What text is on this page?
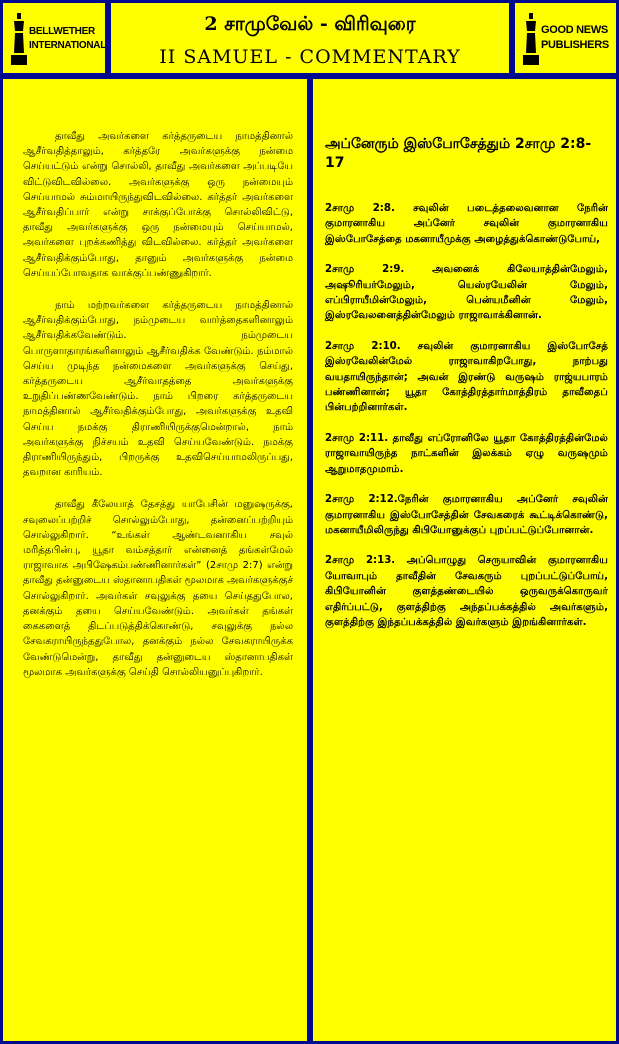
BELLWETHER
INTERNATIONAL
2 சாமுவேல் - விரிவுரை
II SAMUEL - COMMENTARY
GOOD NEWS
PUBLISHERS

தாவீது அவர்களை கர்த்தருடைய நாமத்தினால் ஆசீர்வதித்தாலும், கர்த்தரே அவர்களுக்கு நன்மை செய்யட்டும் என்று சொல்லி, தாவீது அவர்களை அப்படியே விட்டுவிடவில்லை. அவர்களுக்கு ஒரு நன்மையும் செய்யாமல் சும்மாயிருந்துவிடவில்லை. கர்த்தர் அவர்களை ஆசீர்வதிப்பார் என்று சாக்குப்போக்கு சொல்லிவிட்டு, தாவீது அவர்களுக்கு ஒரு நன்மையும் செய்யாமல், அவர்களை புறக்கணித்து விடவில்லை. கர்த்தர் அவர்களை ஆசீர்வதிக்கும்போது, தானும் அவர்களுக்கு நன்மை செய்யப்போவதாக வாக்குப்பண்ணுகிறார்.

நாம் மற்றவர்களை கர்த்தருடைய நாமத்தினால் ஆசீர்வதிக்கும்போது, நம்முடைய வார்த்தைகளினாலும் ஆசீர்வதிக்கவேண்டும். நம்முடைய பொருளாதாரங்களினாலும் ஆசீர்வதிக்க வேண்டும். நம்மால் செய்ய முடிந்த நன்மைகளை அவர்களுக்கு செய்து, கர்த்தருடைய ஆசீர்வாதத்தை அவர்களுக்கு உறுதிப்பண்ணவேண்டும். நாம் பிறரை கர்த்தருடைய நாமத்தினால் ஆசீர்வதிக்கும்போது, அவர்களுக்கு உதவி செய்ய நமக்கு திராணியிருக்குமென்றால், நாம் அவர்களுக்கு நிச்சயம் உதவி செய்யவேண்டும். நமக்கு திராணியிருந்தும், பிறருக்கு உதவிசெய்யாமலிருப்பது, தவறான காரியம்.

தாவீது கீலேயாத் தேசத்து யாபேசின் மனுஷருக்கு, சவுலைப்பற்றிச் சொல்லும்போது, தன்னைப்பற்றியும் சொல்லுகிறார். “உங்கள் ஆண்டவனாகிய சவுல் மரித்தபின்பு, யூதா வம்சத்தார் என்னைத் தங்கள்மேல் ராஜாவாக அபிஷேகம்பண்ணினார்கள்” (2சாமு 2:7) என்று தாவீது தன்னுடைய ஸ்தானாபதிகள் மூலமாக அவர்களுக்குச் சொல்லுகிறார். அவர்கள் சவுலுக்கு தயை செய்ததுபோல, தனக்கும் தயை செய்யவேண்டும். அவர்கள் தங்கள் கைகளைத் திடப்படுத்திக்கொண்டு, சவுலுக்கு நல்ல சேவகராயிருந்ததுபோல, தனக்கும் நல்ல சேவகராயிருக்க வேண்டுமென்று, தாவீது தன்னுடைய ஸ்தானாபதிகள் மூலமாக அவர்களுக்கு செய்தி சொல்லியனுப்புகிறார்.

அப்னேரும் இஸ்போசேத்தும் 2சாமு 2:8-17

2சாமு 2:8. சவுலின் படைத்தலைவனான நேரின் குமாரனாகிய அப்னேர் சவுலின் குமாரனாகிய இஸ்போசேத்தை மகனாயீமுக்கு அழைத்துக்கொண்டுபோய்,

2சாமு 2:9. அவனைக் கிலேயாத்தின்மேலும், அஷூரியர்மேலும், யெஸ்ரயேலின் மேலும், எப்பிராயீமின்மேலும், பென்யமீனின் மேலும், இஸ்ரவேலனைத்தின்மேலும் ராஜாவாக்கினான்.

2சாமு 2:10. சவுலின் குமாரனாகிய இஸ்போசேத் இஸ்ரவேலின்மேல் ராஜாவாகிறபோது, நாற்பது வயதாயிருந்தான்; அவன் இரண்டு வருஷம் ராஜ்யபாரம் பண்ணினான்; யூதா கோத்திரத்தார்மாத்திரம் தாவீதைப் பின்பற்றினார்கள்.

2சாமு 2:11. தாவீது எப்ரோனிலே யூதா கோத்திரத்தின்மேல் ராஜாவாயிருந்த நாட்களின் இலக்கம் ஏழு வருஷமும் ஆறுமாதமுமாம்.

2சாமு 2:12.நேரின் குமாரனாகிய அப்னேர் சவுலின் குமாரனாகிய இஸ்போசேத்தின் சேவகரைக் கூட்டிக்கொண்டு, மகனாயீமிலிருந்து கிபியோனுக்குப் புறப்பட்டுப்போனான்.

2சாமு 2:13. அப்பொழுது செருயாவின் குமாரனாகிய யோவாபும் தாவீதின் சேவகரும் புறப்பட்டுப்போய், கிபியோனின் குளத்தண்டையில் ஒருவருக்கொருவர் எதிர்ப்பட்டு, குளத்திற்கு அந்தப்பக்கத்தில் அவர்களும், குளத்திற்கு இந்தப்பக்கத்தில் இவர்களும் இறங்கினார்கள்.
